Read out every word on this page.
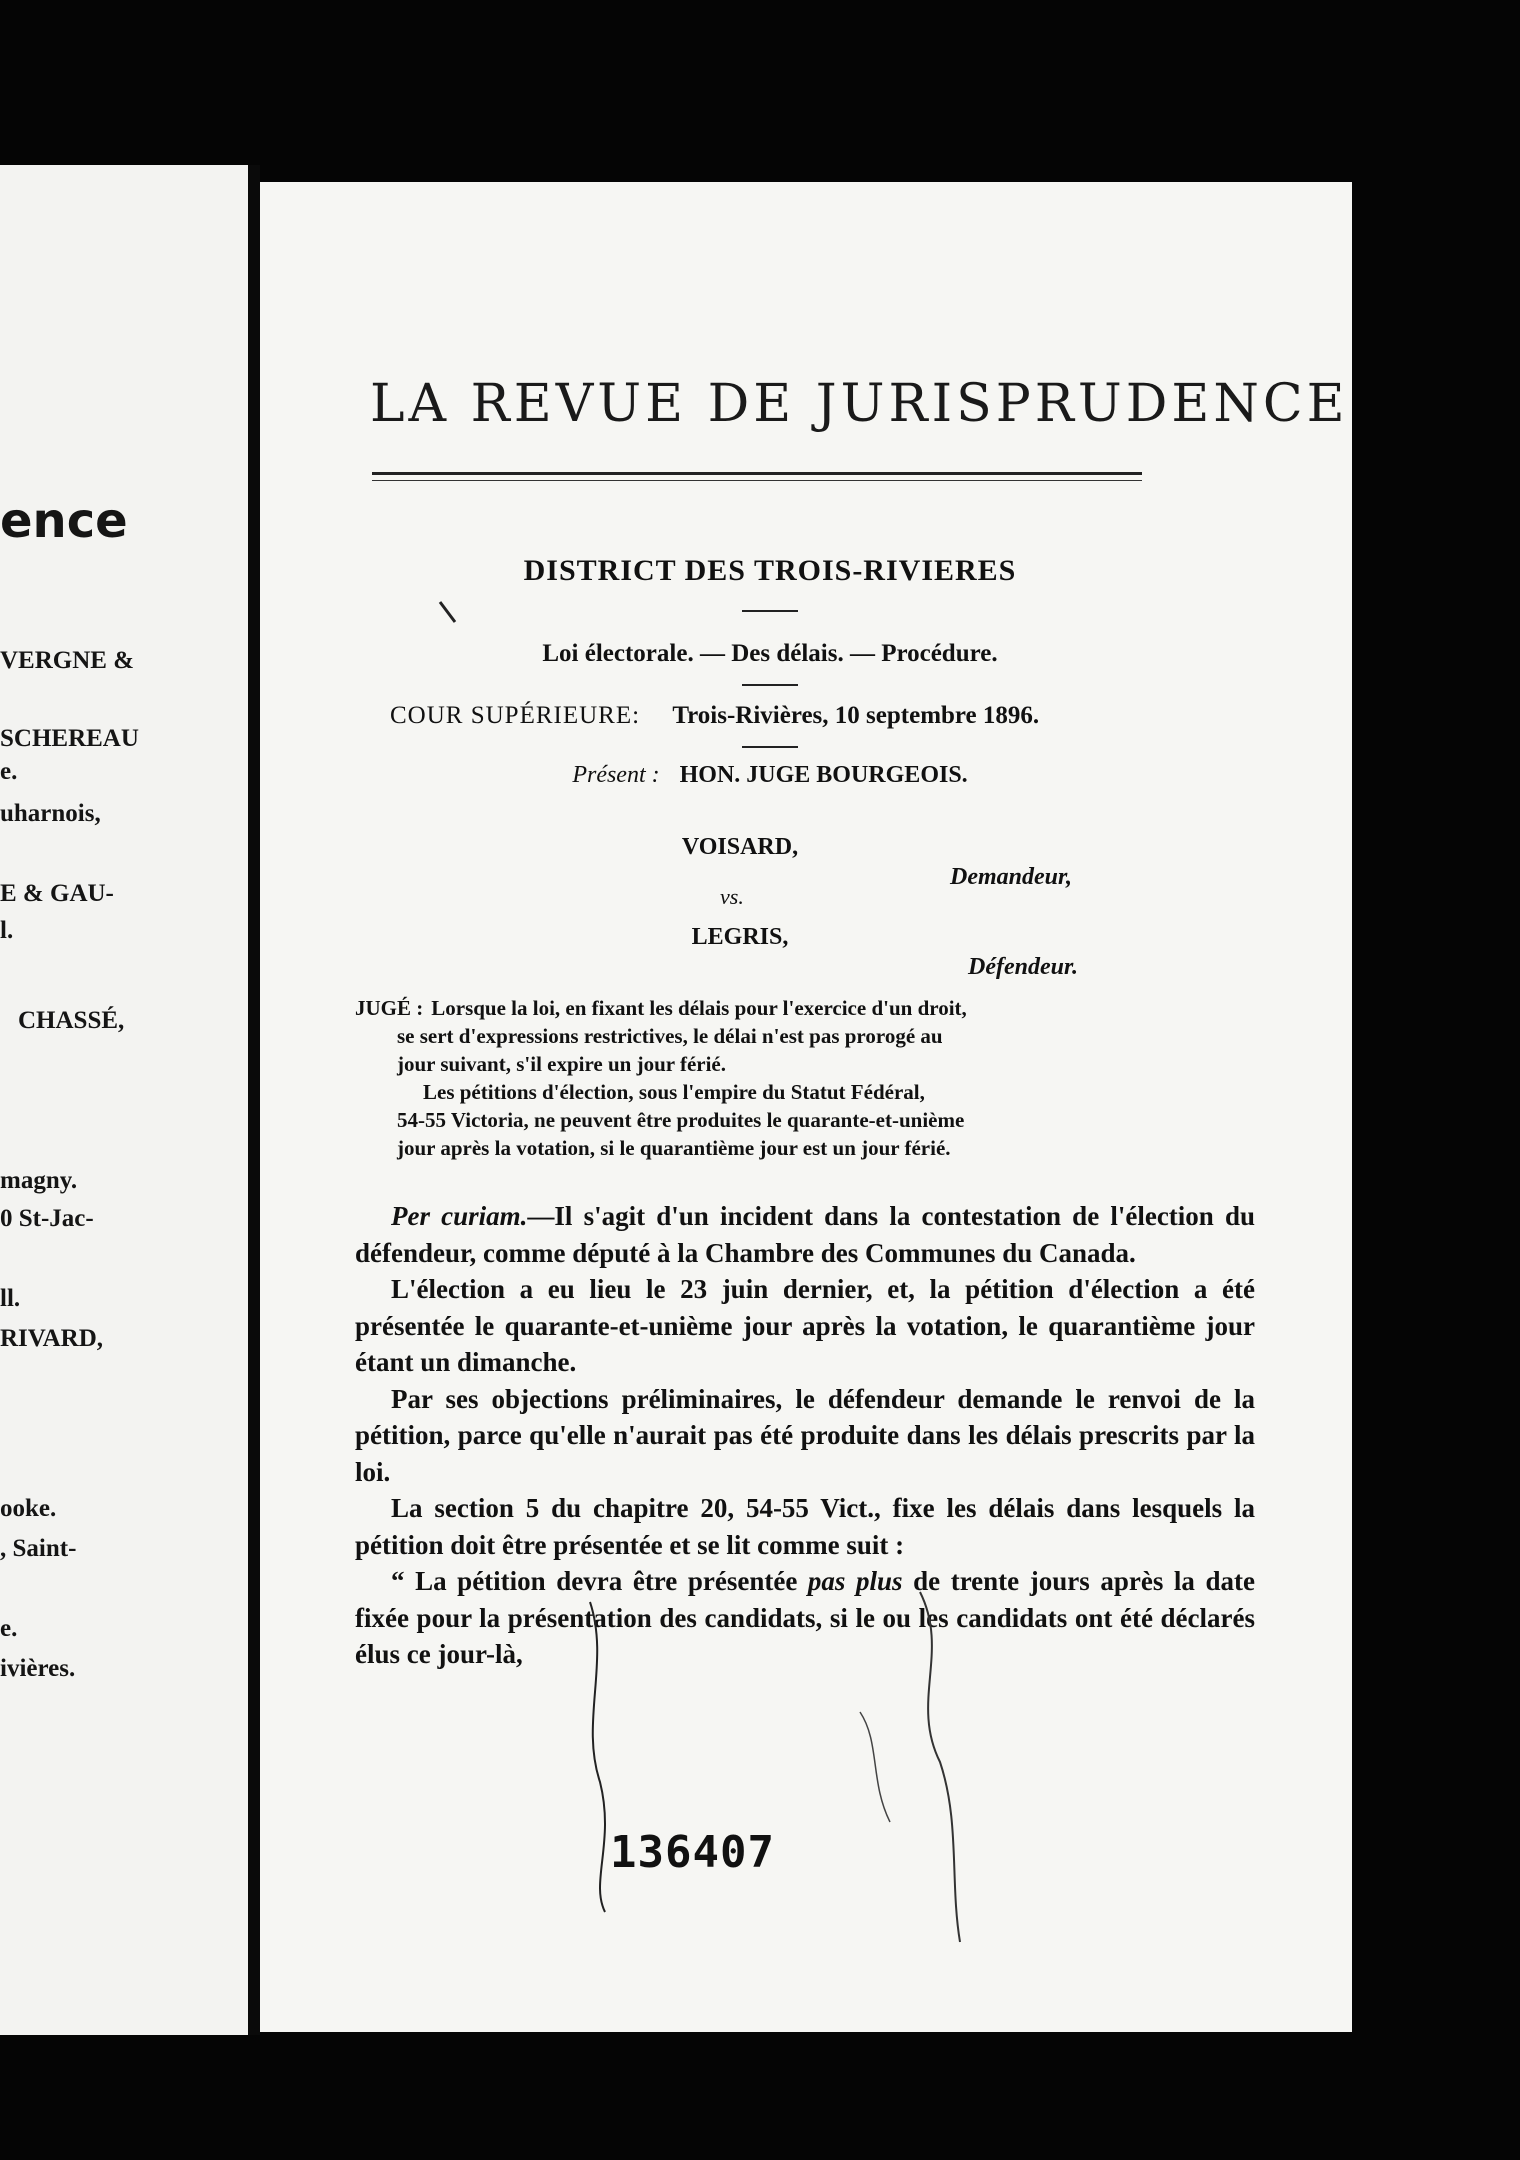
ence
VERGNE &
SCHEREAU
e.
uharnois,
E & GAU-
l.
CHASSÉ,
magny.
0 St-Jac-
ll.
RIVARD,
ooke.
, Saint-
e.
ivières.
LA REVUE DE JURISPRUDENCE
DISTRICT DES TROIS-RIVIERES
Loi électorale. — Des délais. — Procédure.
COUR SUPÉRIEURE: Trois-Rivières, 10 septembre 1896.
Présent : HON. JUGE BOURGEOIS.
VOISARD,
Demandeur,
vs.
LEGRIS,
Défendeur.

JUGÉ : Lorsque la loi, en fixant les délais pour l'exercice d'un droit,

se sert d'expressions restrictives, le délai n'est pas prorogé au

jour suivant, s'il expire un jour férié.

Les pétitions d'élection, sous l'empire du Statut Fédéral,

54-55 Victoria, ne peuvent être produites le quarante-et-unième

jour après la votation, si le quarantième jour est un jour férié.

Per curiam.—Il s'agit d'un incident dans la contestation de l'élection du défendeur, comme député à la Chambre des Communes du Canada.

L'élection a eu lieu le 23 juin dernier, et, la pétition d'élection a été présentée le quarante-et-unième jour après la votation, le quarantième jour étant un dimanche.

Par ses objections préliminaires, le défendeur demande le renvoi de la pétition, parce qu'elle n'aurait pas été produite dans les délais prescrits par la loi.

La section 5 du chapitre 20, 54-55 Vict., fixe les délais dans lesquels la pétition doit être présentée et se lit comme suit :

“ La pétition devra être présentée pas plus de trente jours après la date fixée pour la présentation des candidats, si le ou les candidats ont été déclarés élus ce jour-là,

136407
